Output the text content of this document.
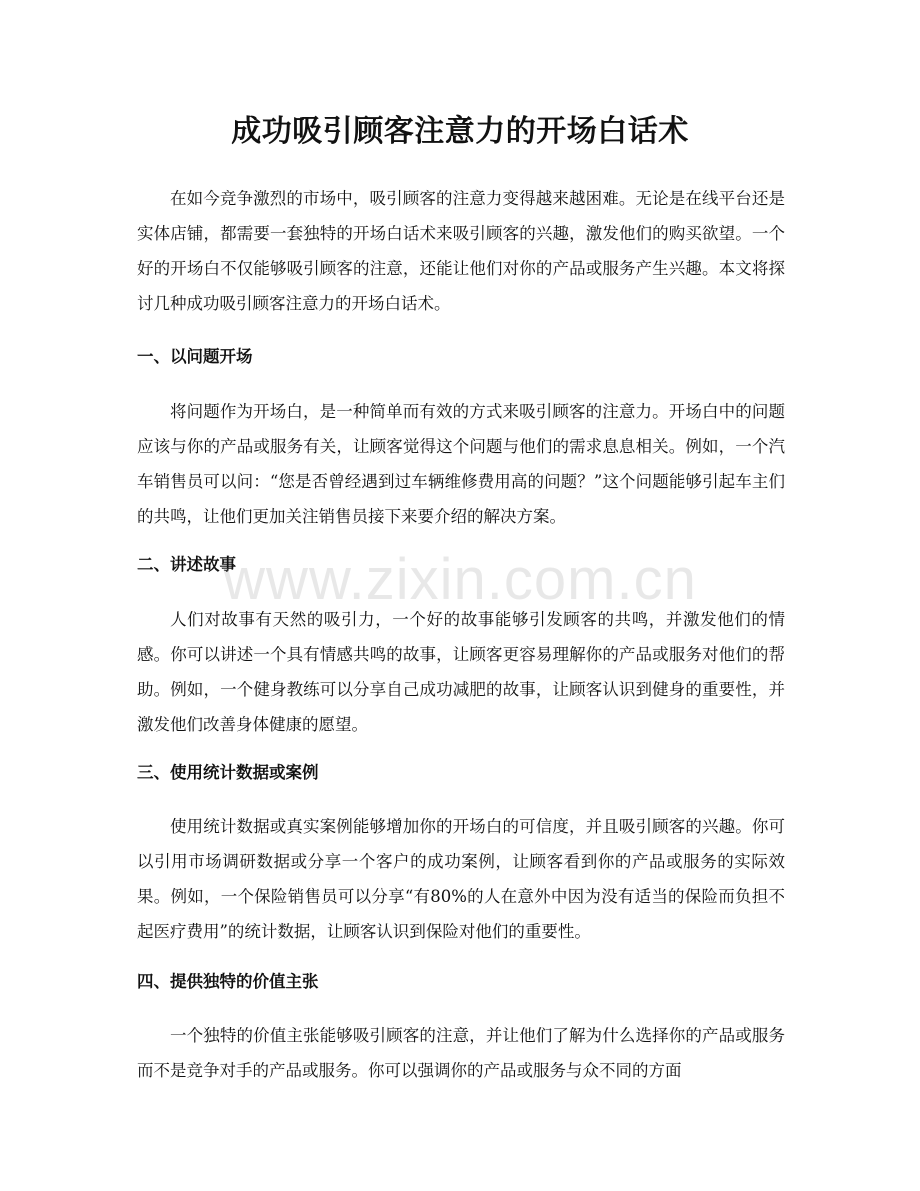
成功吸引顾客注意力的开场白话术

在如今竞争激烈的市场中，吸引顾客的注意力变得越来越困难。无论是在线平台还是实体店铺，都需要一套独特的开场白话术来吸引顾客的兴趣，激发他们的购买欲望。一个好的开场白不仅能够吸引顾客的注意，还能让他们对你的产品或服务产生兴趣。本文将探讨几种成功吸引顾客注意力的开场白话术。

一、以问题开场

将问题作为开场白，是一种简单而有效的方式来吸引顾客的注意力。开场白中的问题应该与你的产品或服务有关，让顾客觉得这个问题与他们的需求息息相关。例如，一个汽车销售员可以问：“您是否曾经遇到过车辆维修费用高的问题？”这个问题能够引起车主们的共鸣，让他们更加关注销售员接下来要介绍的解决方案。

二、讲述故事

人们对故事有天然的吸引力，一个好的故事能够引发顾客的共鸣，并激发他们的情感。你可以讲述一个具有情感共鸣的故事，让顾客更容易理解你的产品或服务对他们的帮助。例如，一个健身教练可以分享自己成功减肥的故事，让顾客认识到健身的重要性，并激发他们改善身体健康的愿望。

三、使用统计数据或案例

使用统计数据或真实案例能够增加你的开场白的可信度，并且吸引顾客的兴趣。你可以引用市场调研数据或分享一个客户的成功案例，让顾客看到你的产品或服务的实际效果。例如，一个保险销售员可以分享“有80%的人在意外中因为没有适当的保险而负担不起医疗费用”的统计数据，让顾客认识到保险对他们的重要性。

四、提供独特的价值主张

一个独特的价值主张能够吸引顾客的注意，并让他们了解为什么选择你的产品或服务而不是竞争对手的产品或服务。你可以强调你的产品或服务与众不同的方面

www.zixin.com.cn
